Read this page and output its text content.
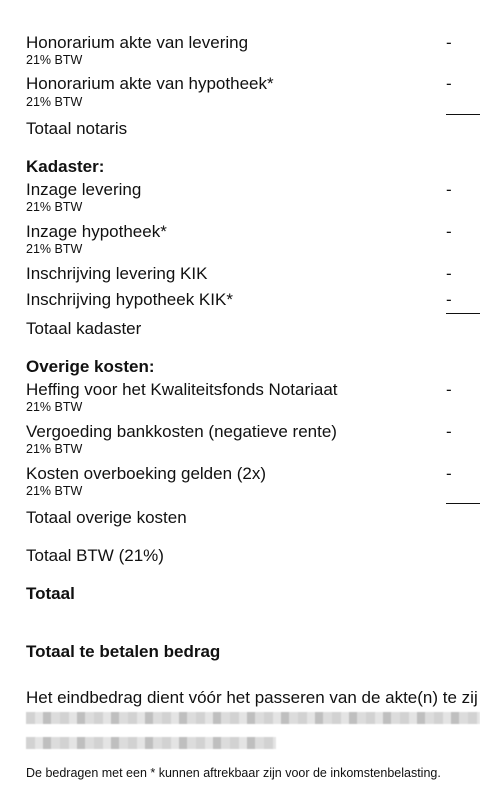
Honorarium akte van levering
21% BTW
-
Honorarium akte van hypotheek*
21% BTW
-
Totaal notaris
Kadaster:
Inzage levering
21% BTW
-
Inzage hypotheek*
21% BTW
-
Inschrijving levering KIK	-
Inschrijving hypotheek KIK*	-
Totaal kadaster
Overige kosten:
Heffing voor het Kwaliteitsfonds Notariaat
21% BTW
-
Vergoeding bankkosten (negatieve rente)
21% BTW
-
Kosten overboeking gelden (2x)
21% BTW
-
Totaal overige kosten
Totaal BTW (21%)
Totaal
Totaal te betalen bedrag
Het eindbedrag dient vóór het passeren van de akte(n) te zij
De bedragen met een * kunnen aftrekbaar zijn voor de inkomstenbelasting.
